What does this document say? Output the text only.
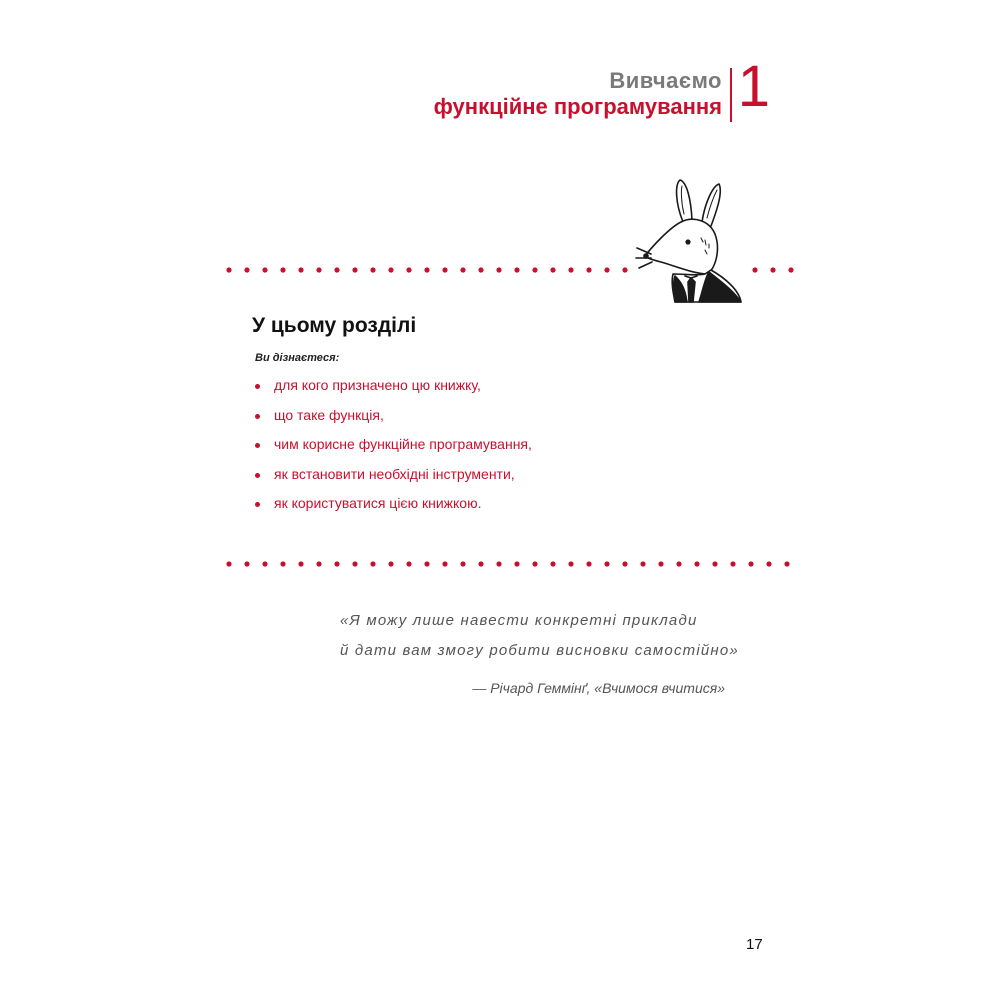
Вивчаємо
функційне програмування 1
У цьому розділі
Ви дізнаєтеся:
для кого призначено цю книжку,
що таке функція,
чим корисне функційне програмування,
як встановити необхідні інструменти,
як користуватися цією книжкою.
«Я можу лише навести конкретні приклади
й дати вам змогу робити висновки самостійно»
— Річард Геммінґ, «Вчимося вчитися»
17
